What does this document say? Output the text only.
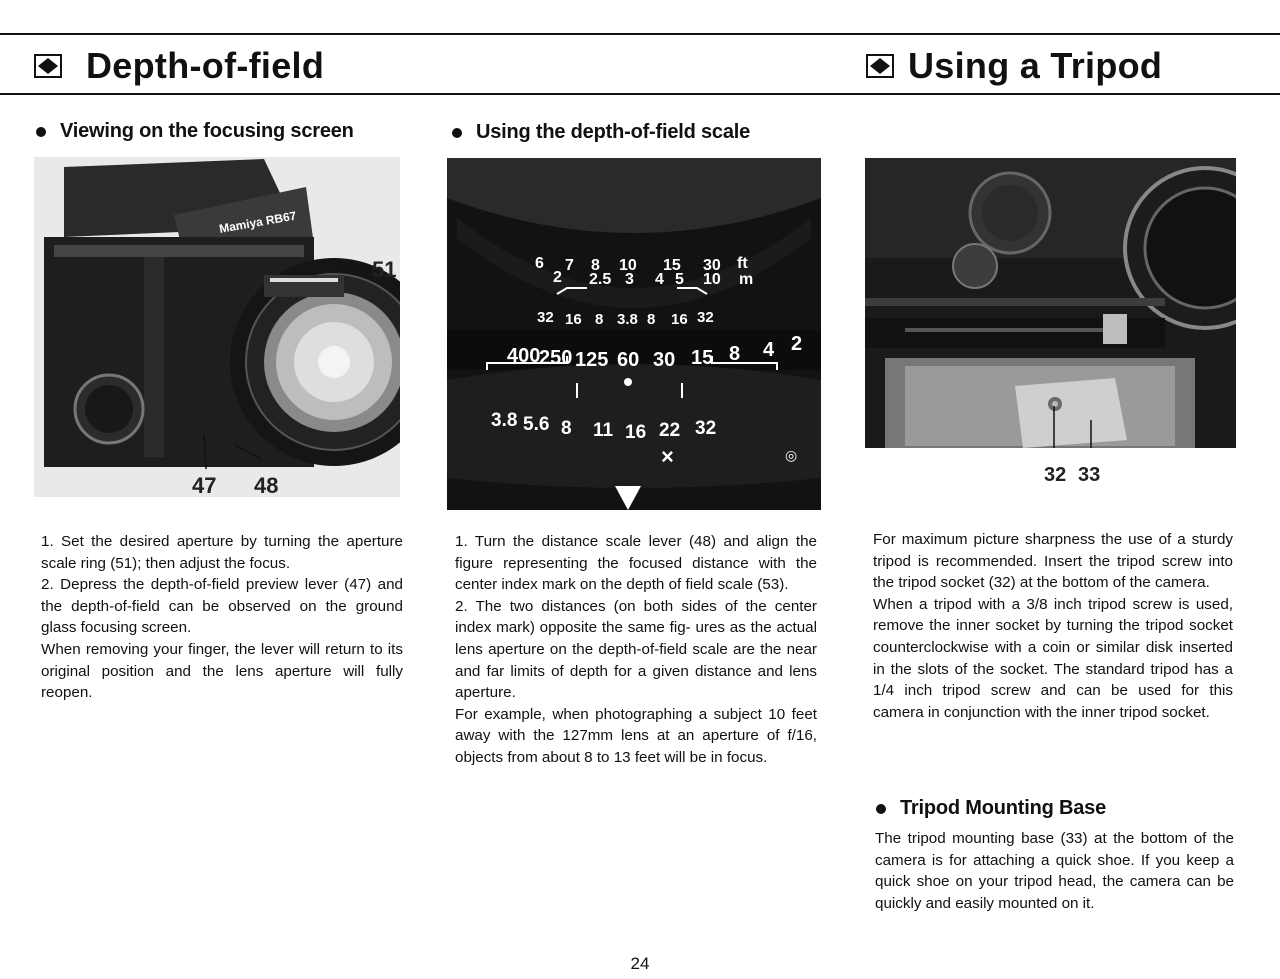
Depth-of-field	Using a Tripod
Viewing on the focusing screen
Mamiya RB67
51
47 48

1. Set the desired aperture by turning the aperture scale ring (51); then adjust the focus.

2. Depress the depth-of-field preview lever (47) and the depth-of-field can be observed on the ground glass focusing screen.

When removing your finger, the lever will return to its original position and the lens aperture will fully reopen.

Using the depth-of-field scale
×	◎
6 7 8 10 15 30 ft
2 2.5 3 4 5 10 m
32 16 8 3.8 8 16 32
400
250 125 60 30 15 8 4 2
3.8 5.6 8 11 16 22 32

1. Turn the distance scale lever (48) and align the figure representing the focused distance with the center index mark on the depth of field scale (53).

2. The two distances (on both sides of the center index mark) opposite the same fig- ures as the actual lens aperture on the depth-of-field scale are the near and far limits of depth for a given distance and lens aperture.

For example, when photographing a subject 10 feet away with the 127mm lens at an aperture of f/16, objects from about 8 to 13 feet will be in focus.

32 33

For maximum picture sharpness the use of a sturdy tripod is recommended. Insert the tripod screw into the tripod socket (32) at the bottom of the camera.

When a tripod with a 3/8 inch tripod screw is used, remove the inner socket by turning the tripod socket counterclockwise with a coin or similar disk inserted in the slots of the socket. The standard tripod has a 1/4 inch tripod screw and can be used for this camera in conjunction with the inner tripod socket.

Tripod Mounting Base

The tripod mounting base (33) at the bottom of the camera is for attaching a quick shoe. If you keep a quick shoe on your tripod head, the camera can be quickly and easily mounted on it.

24
